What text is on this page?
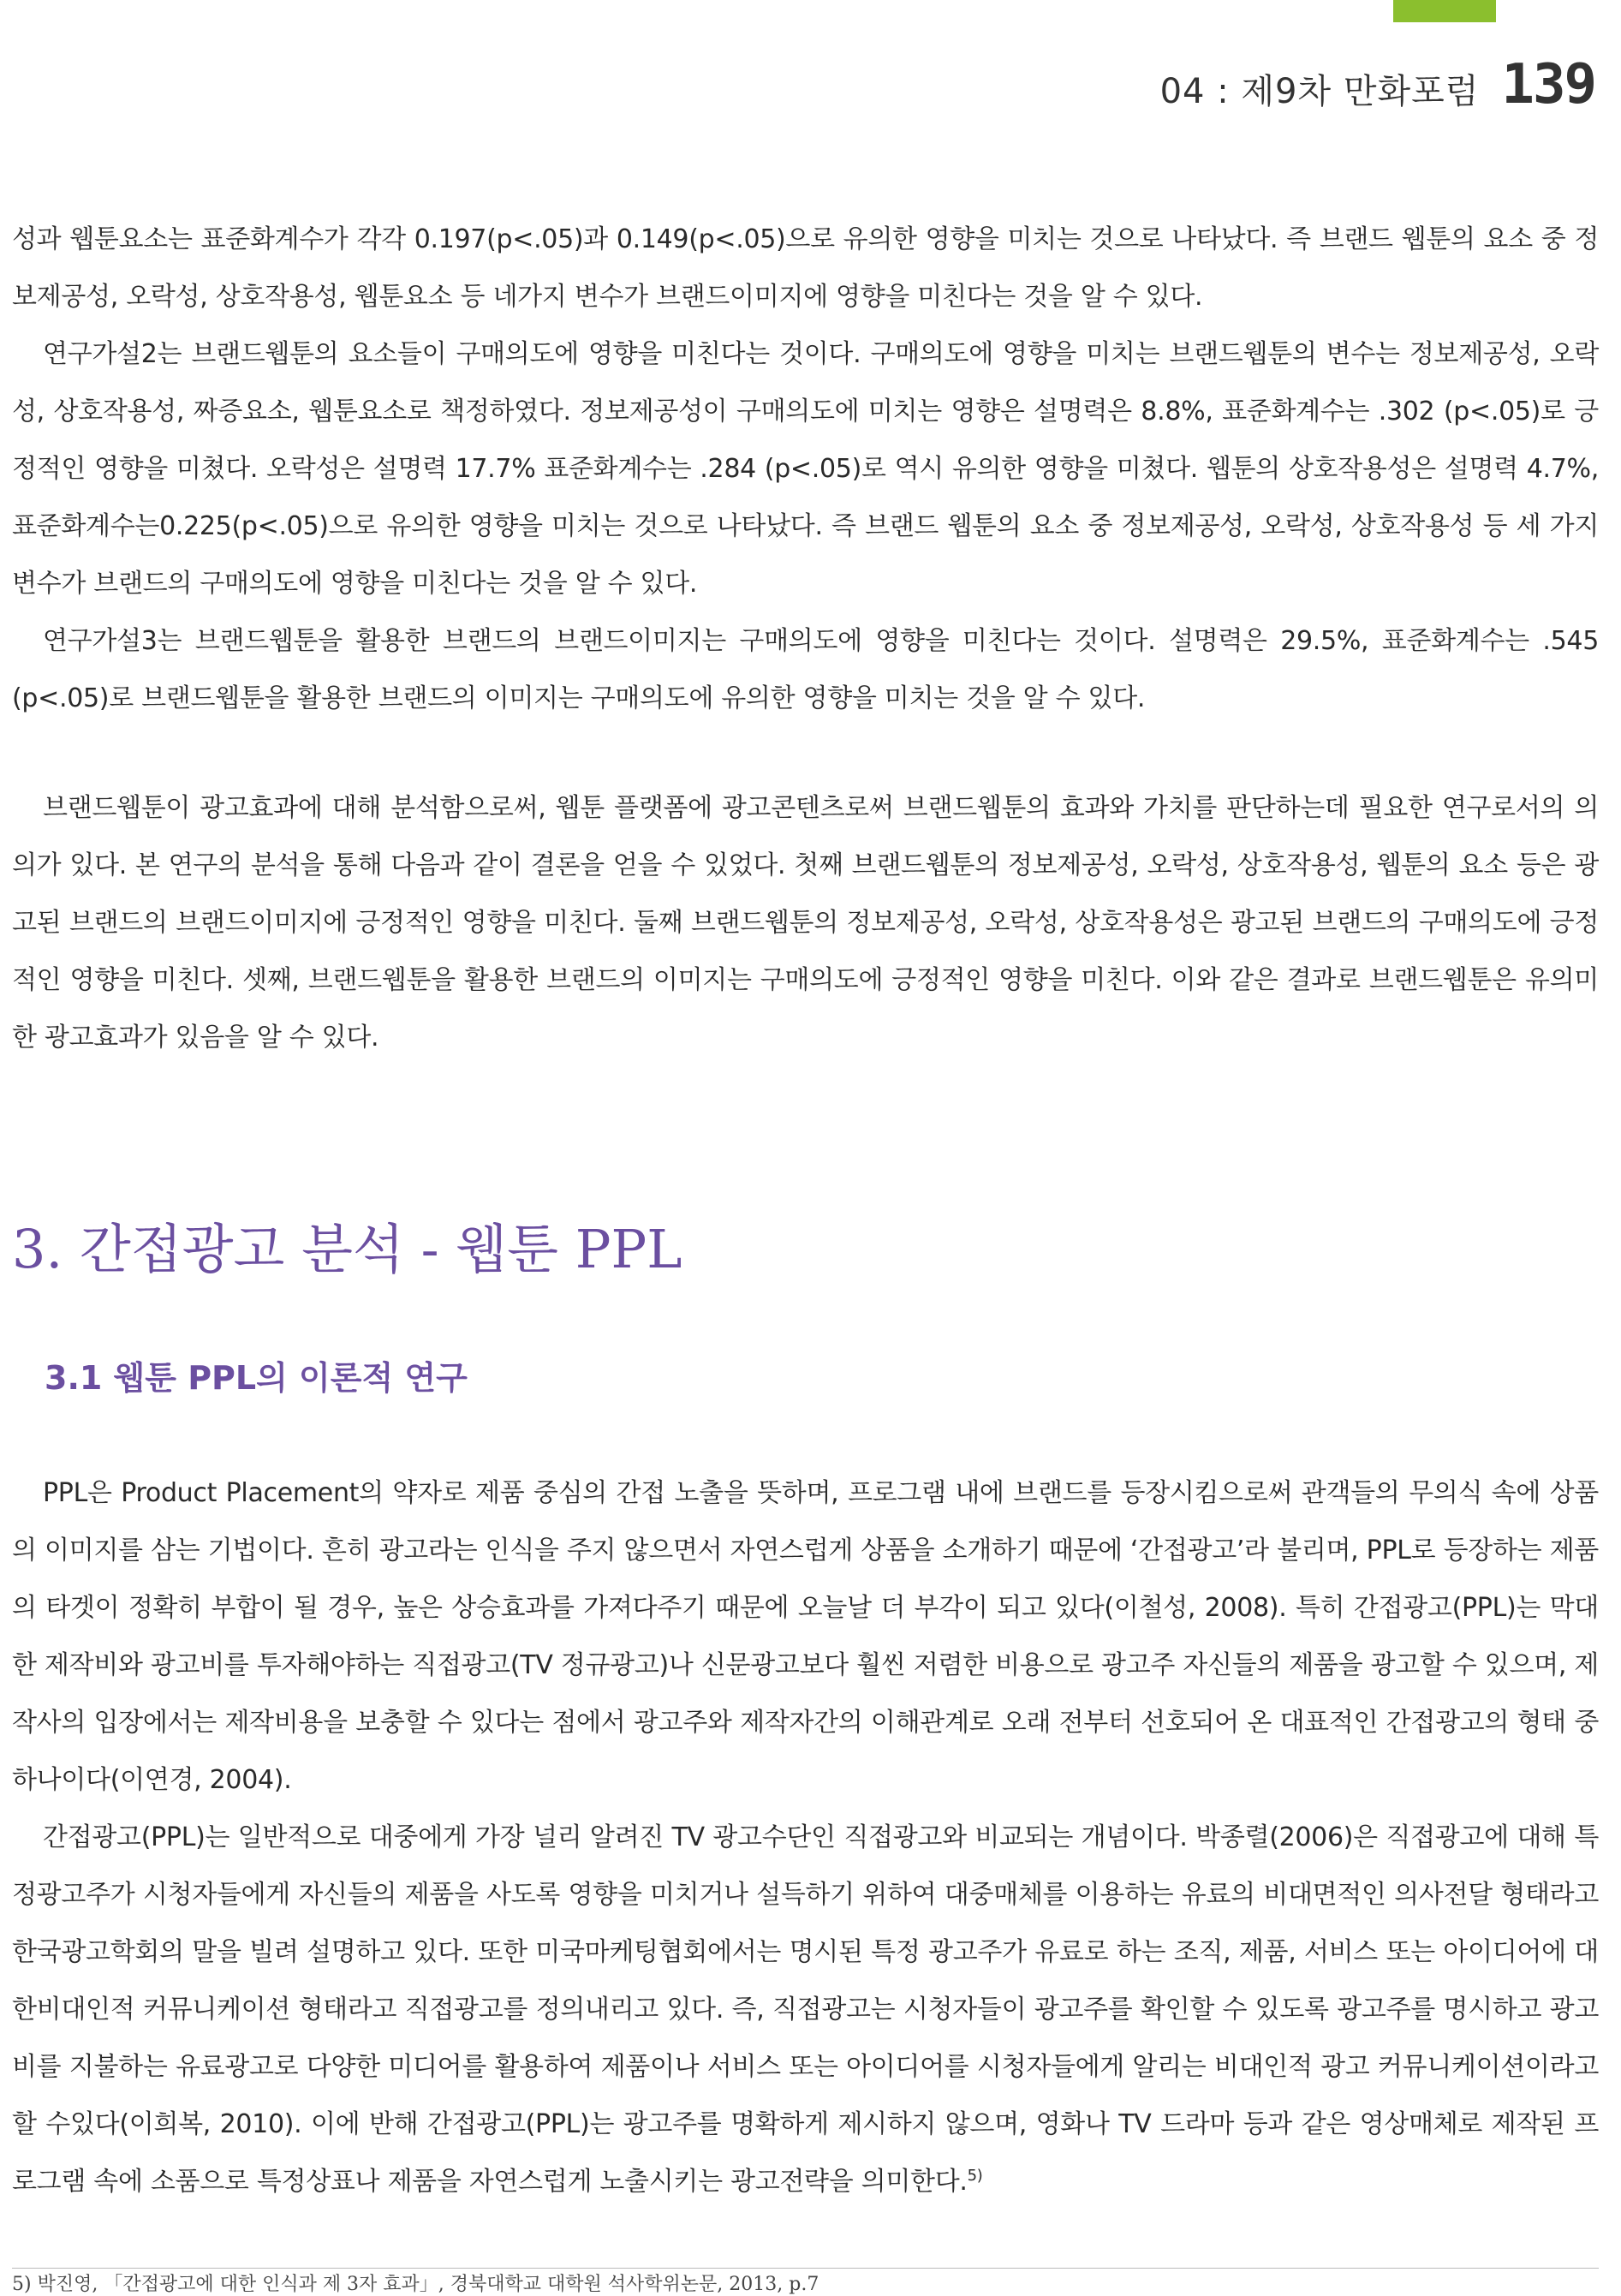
04 : 제9차 만화포럼 139

성과 웹툰요소는 표준화계수가 각각 0.197(p<.05)과 0.149(p<.05)으로 유의한 영향을 미치는 것으로 나타났다. 즉 브랜드 웹툰의 요소 중 정보제공성, 오락성, 상호작용성, 웹툰요소 등 네가지 변수가 브랜드이미지에 영향을 미친다는 것을 알 수 있다.

연구가설2는 브랜드웹툰의 요소들이 구매의도에 영향을 미친다는 것이다. 구매의도에 영향을 미치는 브랜드웹툰의 변수는 정보제공성, 오락성, 상호작용성, 짜증요소, 웹툰요소로 책정하였다. 정보제공성이 구매의도에 미치는 영향은 설명력은 8.8%, 표준화계수는 .302 (p<.05)로 긍정적인 영향을 미쳤다. 오락성은 설명력 17.7% 표준화계수는 .284 (p<.05)로 역시 유의한 영향을 미쳤다. 웹툰의 상호작용성은 설명력 4.7%, 표준화계수는0.225(p<.05)으로 유의한 영향을 미치는 것으로 나타났다. 즉 브랜드 웹툰의 요소 중 정보제공성, 오락성, 상호작용성 등 세 가지 변수가 브랜드의 구매의도에 영향을 미친다는 것을 알 수 있다.

연구가설3는 브랜드웹툰을 활용한 브랜드의 브랜드이미지는 구매의도에 영향을 미친다는 것이다. 설명력은 29.5%, 표준화계수는 .545 (p<.05)로 브랜드웹툰을 활용한 브랜드의 이미지는 구매의도에 유의한 영향을 미치는 것을 알 수 있다.

브랜드웹툰이 광고효과에 대해 분석함으로써, 웹툰 플랫폼에 광고콘텐츠로써 브랜드웹툰의 효과와 가치를 판단하는데 필요한 연구로서의 의의가 있다. 본 연구의 분석을 통해 다음과 같이 결론을 얻을 수 있었다. 첫째 브랜드웹툰의 정보제공성, 오락성, 상호작용성, 웹툰의 요소 등은 광고된 브랜드의 브랜드이미지에 긍정적인 영향을 미친다. 둘째 브랜드웹툰의 정보제공성, 오락성, 상호작용성은 광고된 브랜드의 구매의도에 긍정적인 영향을 미친다. 셋째, 브랜드웹툰을 활용한 브랜드의 이미지는 구매의도에 긍정적인 영향을 미친다. 이와 같은 결과로 브랜드웹툰은 유의미한 광고효과가 있음을 알 수 있다.

3. 간접광고 분석 - 웹툰 PPL
3.1 웹툰 PPL의 이론적 연구

PPL은 Product Placement의 약자로 제품 중심의 간접 노출을 뜻하며, 프로그램 내에 브랜드를 등장시킴으로써 관객들의 무의식 속에 상품의 이미지를 삼는 기법이다. 흔히 광고라는 인식을 주지 않으면서 자연스럽게 상품을 소개하기 때문에 ‘간접광고’라 불리며, PPL로 등장하는 제품의 타겟이 정확히 부합이 될 경우, 높은 상승효과를 가져다주기 때문에 오늘날 더 부각이 되고 있다(이철성, 2008). 특히 간접광고(PPL)는 막대한 제작비와 광고비를 투자해야하는 직접광고(TV 정규광고)나 신문광고보다 훨씬 저렴한 비용으로 광고주 자신들의 제품을 광고할 수 있으며, 제작사의 입장에서는 제작비용을 보충할 수 있다는 점에서 광고주와 제작자간의 이해관계로 오래 전부터 선호되어 온 대표적인 간접광고의 형태 중 하나이다(이연경, 2004).

간접광고(PPL)는 일반적으로 대중에게 가장 널리 알려진 TV 광고수단인 직접광고와 비교되는 개념이다. 박종렬(2006)은 직접광고에 대해 특정광고주가 시청자들에게 자신들의 제품을 사도록 영향을 미치거나 설득하기 위하여 대중매체를 이용하는 유료의 비대면적인 의사전달 형태라고 한국광고학회의 말을 빌려 설명하고 있다. 또한 미국마케팅협회에서는 명시된 특정 광고주가 유료로 하는 조직, 제품, 서비스 또는 아이디어에 대한비대인적 커뮤니케이션 형태라고 직접광고를 정의내리고 있다. 즉, 직접광고는 시청자들이 광고주를 확인할 수 있도록 광고주를 명시하고 광고비를 지불하는 유료광고로 다양한 미디어를 활용하여 제품이나 서비스 또는 아이디어를 시청자들에게 알리는 비대인적 광고 커뮤니케이션이라고 할 수있다(이희복, 2010). 이에 반해 간접광고(PPL)는 광고주를 명확하게 제시하지 않으며, 영화나 TV 드라마 등과 같은 영상매체로 제작된 프로그램 속에 소품으로 특정상표나 제품을 자연스럽게 노출시키는 광고전략을 의미한다.$^{5)}$

5) 박진영, 「간접광고에 대한 인식과 제 3자 효과」, 경북대학교 대학원 석사학위논문, 2013, p.7
